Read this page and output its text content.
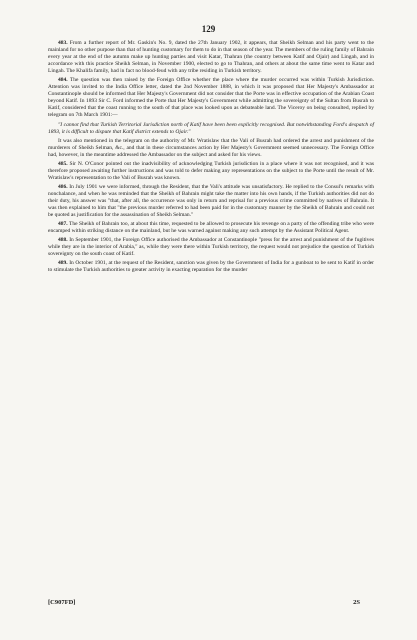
129

483. From a further report of Mr. Gaskin's No. 9, dated the 27th January 1902, it appears, that Sheikh Selman and his party went to the mainland for no other purpose than that of hunting customary for them to do in that season of the year. The members of the ruling family of Bahrain every year at the end of the autumn make up hunting parties and visit Katar, Thahran (the country between Katif and Ojair) and Lingah, and in accordance with this practice Sheikh Selman, in November 1900, elected to go to Thahran, and others at about the same time went to Katar and Lingah. The Khalifa family, had in fact no blood-feud with any tribe residing in Turkish territory.

484. The question was then raised by the Foreign Office whether the place where the murder occurred was within Turkish Jurisdiction. Attention was invited to the India Office letter, dated the 2nd November 1888, in which it was proposed that Her Majesty's Ambassador at Constantinople should be informed that Her Majesty's Government did not consider that the Porte was in effective occupation of the Arabian Coast beyond Katif. In 1893 Sir C. Ford informed the Porte that Her Majesty's Government while admitting the sovereignty of the Sultan from Busrah to Katif, considered that the coast running to the south of that place was looked upon as debateable land. The Viceroy on being consulted, replied by telegram on 7th March 1901:—

"I cannot find that Turkish Territorial Jurisdiction north of Katif have been been explicitly recognised. But notwithstanding Ford's despatch of 1893, it is difficult to dispute that Katif district extends to Ojair."

It was also mentioned in the telegram on the authority of Mr. Wratislaw that the Vali of Busrah had ordered the arrest and punishment of the murderers of Sheikh Selman, &c., and that in these circumstances action by Her Majesty's Government seemed unnecessary. The Foreign Office had, however, in the meantime addressed the Ambassador on the subject and asked for his views.

485. Sir N. O'Conor pointed out the inadvisibility of acknowledging Turkish jurisdiction in a place where it was not recognised, and it was therefore proposed awaiting further instructions and was told to defer making any representations on the subject to the Porte until the result of Mr. Wratislaw's representation to the Vali of Busrah was known.

486. In July 1901 we were informed, through the Resident, that the Vali's attitude was unsatisfactory. He replied to the Consul's remarks with nonchalance, and when he was reminded that the Sheikh of Bahrain might take the matter into his own hands, if the Turkish authorities did not do their duty, his answer was "that, after all, the occurrence was only in return and reprisal for a previous crime committed by natives of Bahrain. It was then explained to him that "the previous murder referred to had been paid for in the customary manner by the Sheikh of Bahrain and could not be quoted as justification for the assassination of Sheikh Selman."

487. The Sheikh of Bahrain too, at about this time, requested to be allowed to prosecute his revenge on a party of the offending tribe who were encamped within striking distance on the mainland, but he was warned against making any such attempt by the Assistant Political Agent.

488. In September 1901, the Foreign Office authorised the Ambassador at Constantinople "press for the arrest and punishment of the fugitives while they are in the interior of Arabia," as, while they were there within Turkish territory, the request would not prejudice the question of Turkish sovereignty on the south coast of Katif.

489. In October 1901, at the request of the Resident, sanction was given by the Government of India for a gunboat to be sent to Katif in order to stimulate the Turkish authorities to greater activity in exacting reparation for the murder

[C907FD]	2S
